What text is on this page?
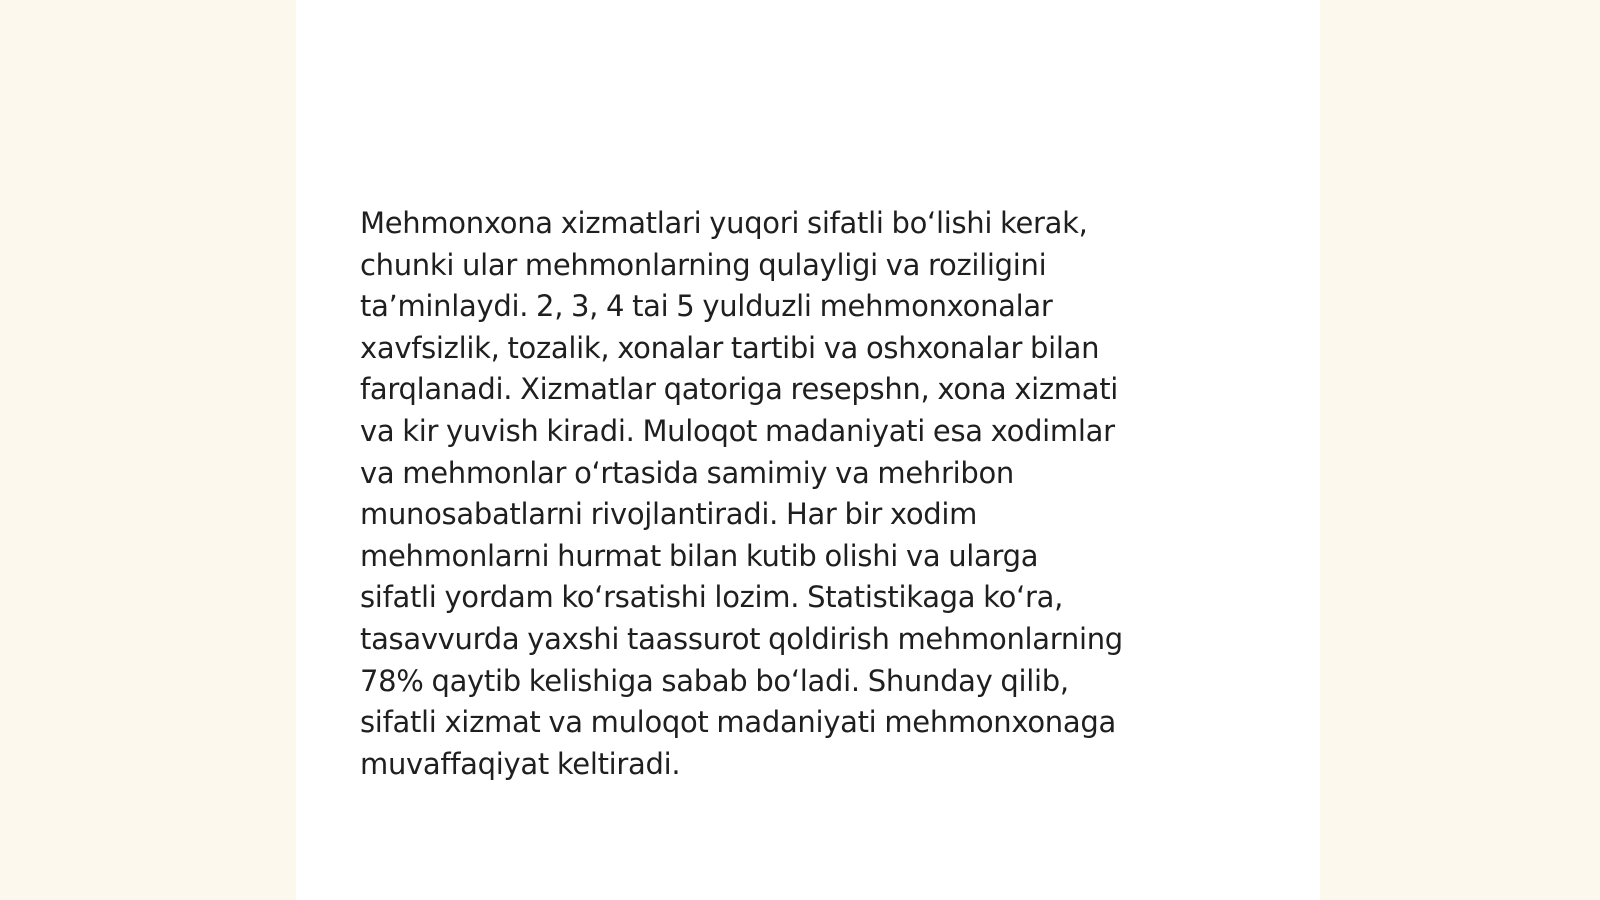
Mehmonxona xizmatlari yuqori sifatli bo‘lishi kerak,
chunki ular mehmonlarning qulayligi va roziligini
ta’minlaydi. 2, 3, 4 tai 5 yulduzli mehmonxonalar
xavfsizlik, tozalik, xonalar tartibi va oshxonalar bilan
farqlanadi. Xizmatlar qatoriga resepshn, xona xizmati
va kir yuvish kiradi. Muloqot madaniyati esa xodimlar
va mehmonlar o‘rtasida samimiy va mehribon
munosabatlarni rivojlantiradi. Har bir xodim
mehmonlarni hurmat bilan kutib olishi va ularga
sifatli yordam ko‘rsatishi lozim. Statistikaga ko‘ra,
tasavvurda yaxshi taassurot qoldirish mehmonlarning
78% qaytib kelishiga sabab bo‘ladi. Shunday qilib,
sifatli xizmat va muloqot madaniyati mehmonxonaga
muvaffaqiyat keltiradi.
